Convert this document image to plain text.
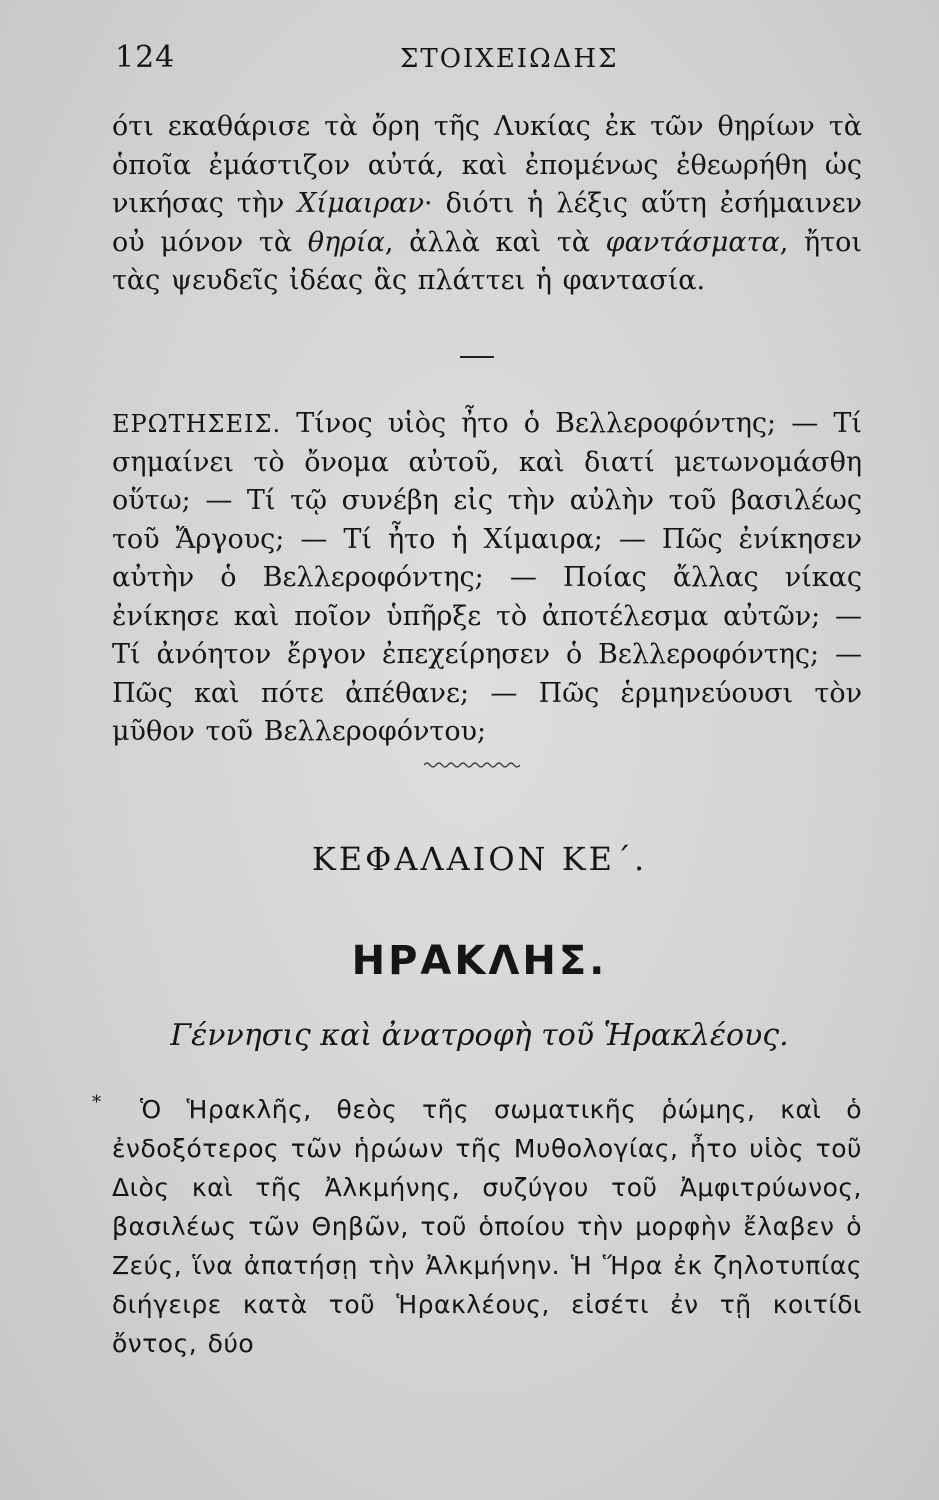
124	ΣΤΟΙΧΕΙΩΔΗΣ
ότι εκαθάρισε τὰ ὄρη τῆς Λυκίας ἐκ τῶν θηρίων τὰ ὁποῖα ἐμάστιζον αὐτά, καὶ ἐπομένως ἐθεωρήθη ὡς νικήσας τὴν Χίμαιραν· διότι ἡ λέξις αὕτη ἐσήμαινεν οὐ μόνον τὰ θηρία, ἀλλὰ καὶ τὰ φαντάσματα, ἤτοι τὰς ψευδεῖς ἰδέας ἃς πλάττει ἡ φαντασία.
ΕΡΩΤΗΣΕΙΣ. Τίνος υἱὸς ἦτο ὁ Βελλεροφόντης; — Τί σημαίνει τὸ ὄνομα αὐτοῦ, καὶ διατί μετωνομάσθη οὕτω; — Τί τῷ συνέβη εἰς τὴν αὐλὴν τοῦ βασιλέως τοῦ Ἄργους; — Τί ἦτο ἡ Χίμαιρα; — Πῶς ἐνίκησεν αὐτὴν ὁ Βελλεροφόντης; — Ποίας ἄλλας νίκας ἐνίκησε καὶ ποῖον ὑπῆρξε τὸ ἀποτέλεσμα αὐτῶν; — Τί ἀνόητον ἔργον ἐπεχείρησεν ὁ Βελλεροφόντης; — Πῶς καὶ πότε ἀπέθανε; — Πῶς ἑρμηνεύουσι τὸν μῦθον τοῦ Βελλεροφόντου;
ΚΕΦΑΛΑΙΟΝ ΚΕ΄.
ΗΡΑΚΛΗΣ.
Γέννησις καὶ ἀνατροφὴ τοῦ Ἡρακλέους.
*	Ὁ Ἡρακλῆς, θεὸς τῆς σωματικῆς ῥώμης, καὶ ὁ ἐνδοξότερος τῶν ἡρώων τῆς Μυθολογίας, ἦτο υἱὸς τοῦ Διὸς καὶ τῆς Ἀλκμήνης, συζύγου τοῦ Ἀμφιτρύωνος, βασιλέως τῶν Θηβῶν, τοῦ ὁποίου τὴν μορφὴν ἔλαβεν ὁ Ζεύς, ἵνα ἀπατήσῃ τὴν Ἀλκμήνην. Ἡ Ἥρα ἐκ ζηλοτυπίας διήγειρε κατὰ τοῦ Ἡρακλέους, εἰσέτι ἐν τῇ κοιτίδι ὄντος, δύο
